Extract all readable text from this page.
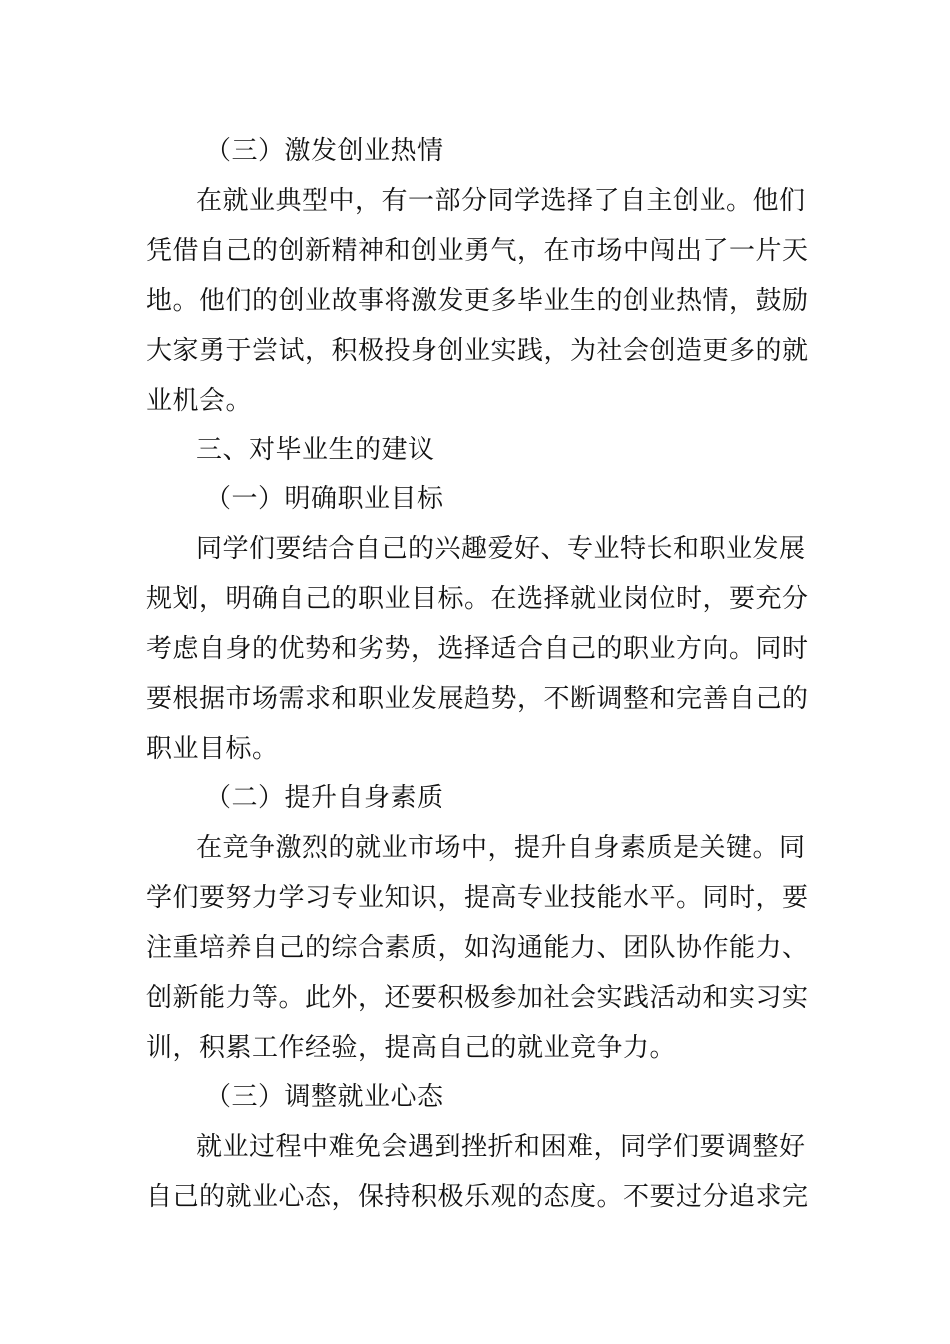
（三）激发创业热情
在就业典型中，有一部分同学选择了自主创业。他们
凭借自己的创新精神和创业勇气，在市场中闯出了一片天
地。他们的创业故事将激发更多毕业生的创业热情，鼓励
大家勇于尝试，积极投身创业实践，为社会创造更多的就
业机会。
三、对毕业生的建议
（一）明确职业目标
同学们要结合自己的兴趣爱好、专业特长和职业发展
规划，明确自己的职业目标。在选择就业岗位时，要充分
考虑自身的优势和劣势，选择适合自己的职业方向。同时
要根据市场需求和职业发展趋势，不断调整和完善自己的
职业目标。
（二）提升自身素质
在竞争激烈的就业市场中，提升自身素质是关键。同
学们要努力学习专业知识，提高专业技能水平。同时，要
注重培养自己的综合素质，如沟通能力、团队协作能力、
创新能力等。此外，还要积极参加社会实践活动和实习实
训，积累工作经验，提高自己的就业竞争力。
（三）调整就业心态
就业过程中难免会遇到挫折和困难，同学们要调整好
自己的就业心态，保持积极乐观的态度。不要过分追求完
